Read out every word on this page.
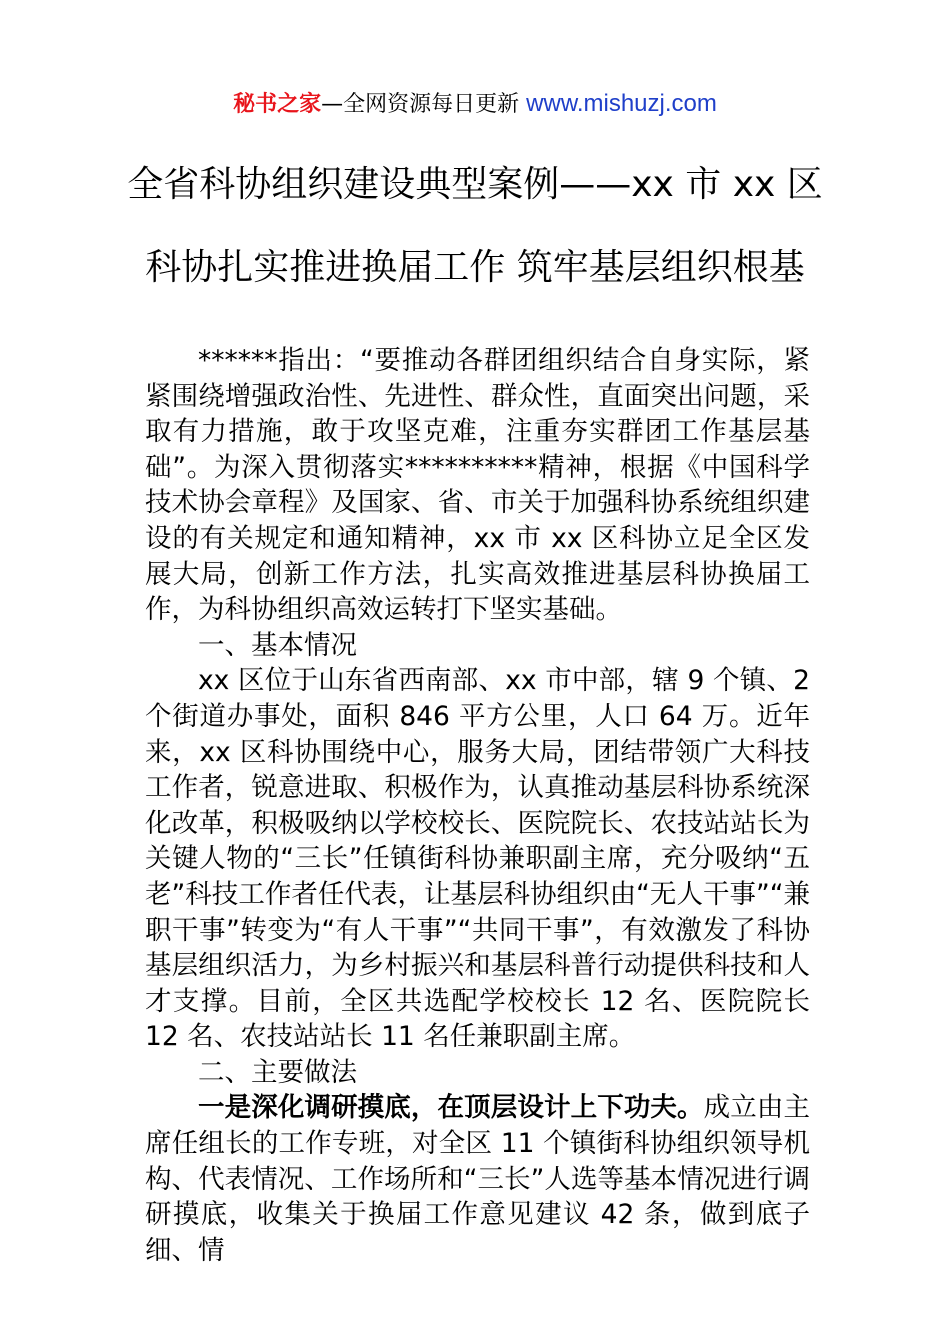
秘书之家—全网资源每日更新 www.mishuzj.com
全省科协组织建设典型案例——xx 市 xx 区
科协扎实推进换届工作 筑牢基层组织根基

******指出：“要推动各群团组织结合自身实际，紧紧围绕增强政治性、先进性、群众性，直面突出问题，采取有力措施，敢于攻坚克难，注重夯实群团工作基层基础”。为深入贯彻落实**********精神，根据《中国科学技术协会章程》及国家、省、市关于加强科协系统组织建设的有关规定和通知精神，xx 市 xx 区科协立足全区发展大局，创新工作方法，扎实高效推进基层科协换届工作，为科协组织高效运转打下坚实基础。

一、基本情况

xx 区位于山东省西南部、xx 市中部，辖 9 个镇、2 个街道办事处，面积 846 平方公里，人口 64 万。近年来，xx 区科协围绕中心，服务大局，团结带领广大科技工作者，锐意进取、积极作为，认真推动基层科协系统深化改革，积极吸纳以学校校长、医院院长、农技站站长为关键人物的“三长”任镇街科协兼职副主席，充分吸纳“五老”科技工作者任代表，让基层科协组织由“无人干事”“兼职干事”转变为“有人干事”“共同干事”，有效激发了科协基层组织活力，为乡村振兴和基层科普行动提供科技和人才支撑。目前，全区共选配学校校长 12 名、医院院长 12 名、农技站站长 11 名任兼职副主席。

二、主要做法

一是深化调研摸底，在顶层设计上下功夫。成立由主席任组长的工作专班，对全区 11 个镇街科协组织领导机构、代表情况、工作场所和“三长”人选等基本情况进行调研摸底，收集关于换届工作意见建议 42 条，做到底子细、情
